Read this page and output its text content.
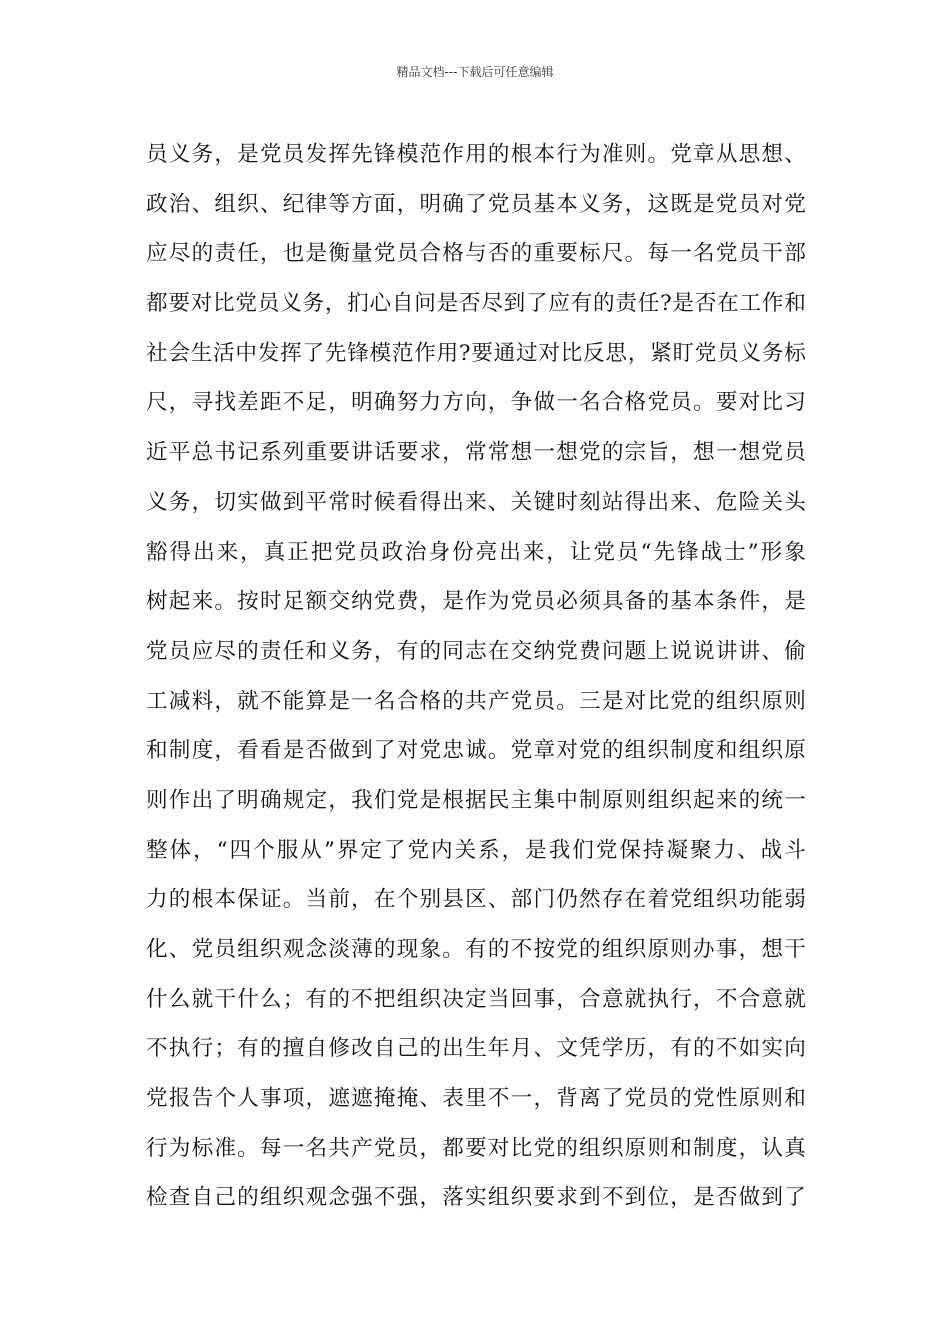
精品文档---下载后可任意编辑
员义务，是党员发挥先锋模范作用的根本行为准则。党章从思想、
政治、组织、纪律等方面，明确了党员基本义务，这既是党员对党
应尽的责任，也是衡量党员合格与否的重要标尺。每一名党员干部
都要对比党员义务，扪心自问是否尽到了应有的责任?是否在工作和
社会生活中发挥了先锋模范作用?要通过对比反思，紧盯党员义务标
尺，寻找差距不足，明确努力方向，争做一名合格党员。要对比习
近平总书记系列重要讲话要求，常常想一想党的宗旨，想一想党员
义务，切实做到平常时候看得出来、关键时刻站得出来、危险关头
豁得出来，真正把党员政治身份亮出来，让党员“先锋战士”形象
树起来。按时足额交纳党费，是作为党员必须具备的基本条件，是
党员应尽的责任和义务，有的同志在交纳党费问题上说说讲讲、偷
工减料，就不能算是一名合格的共产党员。三是对比党的组织原则
和制度，看看是否做到了对党忠诚。党章对党的组织制度和组织原
则作出了明确规定，我们党是根据民主集中制原则组织起来的统一
整体，“四个服从”界定了党内关系，是我们党保持凝聚力、战斗
力的根本保证。当前，在个别县区、部门仍然存在着党组织功能弱
化、党员组织观念淡薄的现象。有的不按党的组织原则办事，想干
什么就干什么；有的不把组织决定当回事，合意就执行，不合意就
不执行；有的擅自修改自己的出生年月、文凭学历，有的不如实向
党报告个人事项，遮遮掩掩、表里不一，背离了党员的党性原则和
行为标准。每一名共产党员，都要对比党的组织原则和制度，认真
检查自己的组织观念强不强，落实组织要求到不到位，是否做到了
